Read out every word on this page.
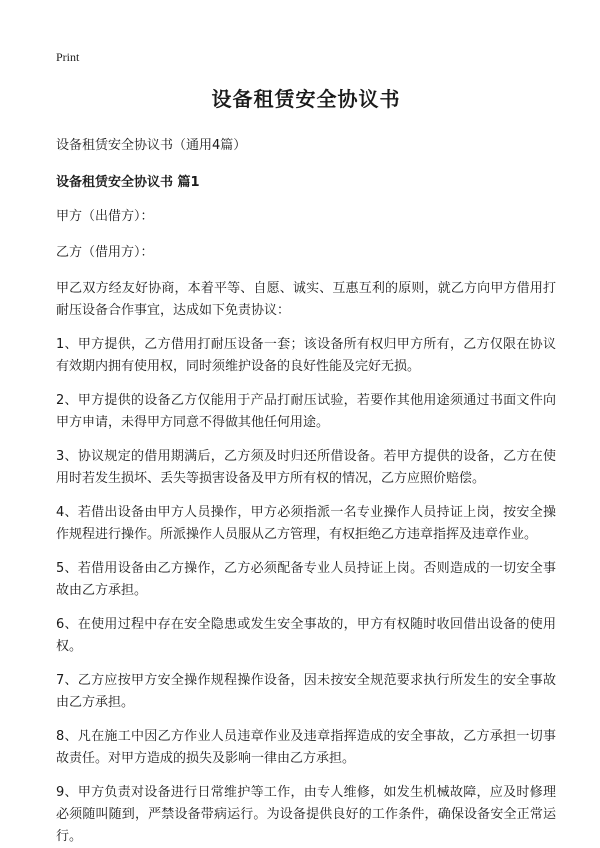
Print
设备租赁安全协议书
设备租赁安全协议书（通用4篇）
设备租赁安全协议书 篇1

甲方（出借方）：

乙方（借用方）：

甲乙双方经友好协商，本着平等、自愿、诚实、互惠互利的原则，就乙方向甲方借用打耐压设备合作事宜，达成如下免责协议：

1、甲方提供，乙方借用打耐压设备一套；该设备所有权归甲方所有，乙方仅限在协议有效期内拥有使用权，同时须维护设备的良好性能及完好无损。

2、甲方提供的设备乙方仅能用于产品打耐压试验，若要作其他用途须通过书面文件向甲方申请，未得甲方同意不得做其他任何用途。

3、协议规定的借用期满后，乙方须及时归还所借设备。若甲方提供的设备，乙方在使用时若发生损坏、丢失等损害设备及甲方所有权的情况，乙方应照价赔偿。

4、若借出设备由甲方人员操作，甲方必须指派一名专业操作人员持证上岗，按安全操作规程进行操作。所派操作人员服从乙方管理，有权拒绝乙方违章指挥及违章作业。

5、若借用设备由乙方操作，乙方必须配备专业人员持证上岗。否则造成的一切安全事故由乙方承担。

6、在使用过程中存在安全隐患或发生安全事故的，甲方有权随时收回借出设备的使用权。

7、乙方应按甲方安全操作规程操作设备，因未按安全规范要求执行所发生的安全事故由乙方承担。

8、凡在施工中因乙方作业人员违章作业及违章指挥造成的安全事故，乙方承担一切事故责任。对甲方造成的损失及影响一律由乙方承担。

9、甲方负责对设备进行日常维护等工作，由专人维修，如发生机械故障，应及时修理必须随叫随到，严禁设备带病运行。为设备提供良好的工作条件，确保设备安全正常运行。
